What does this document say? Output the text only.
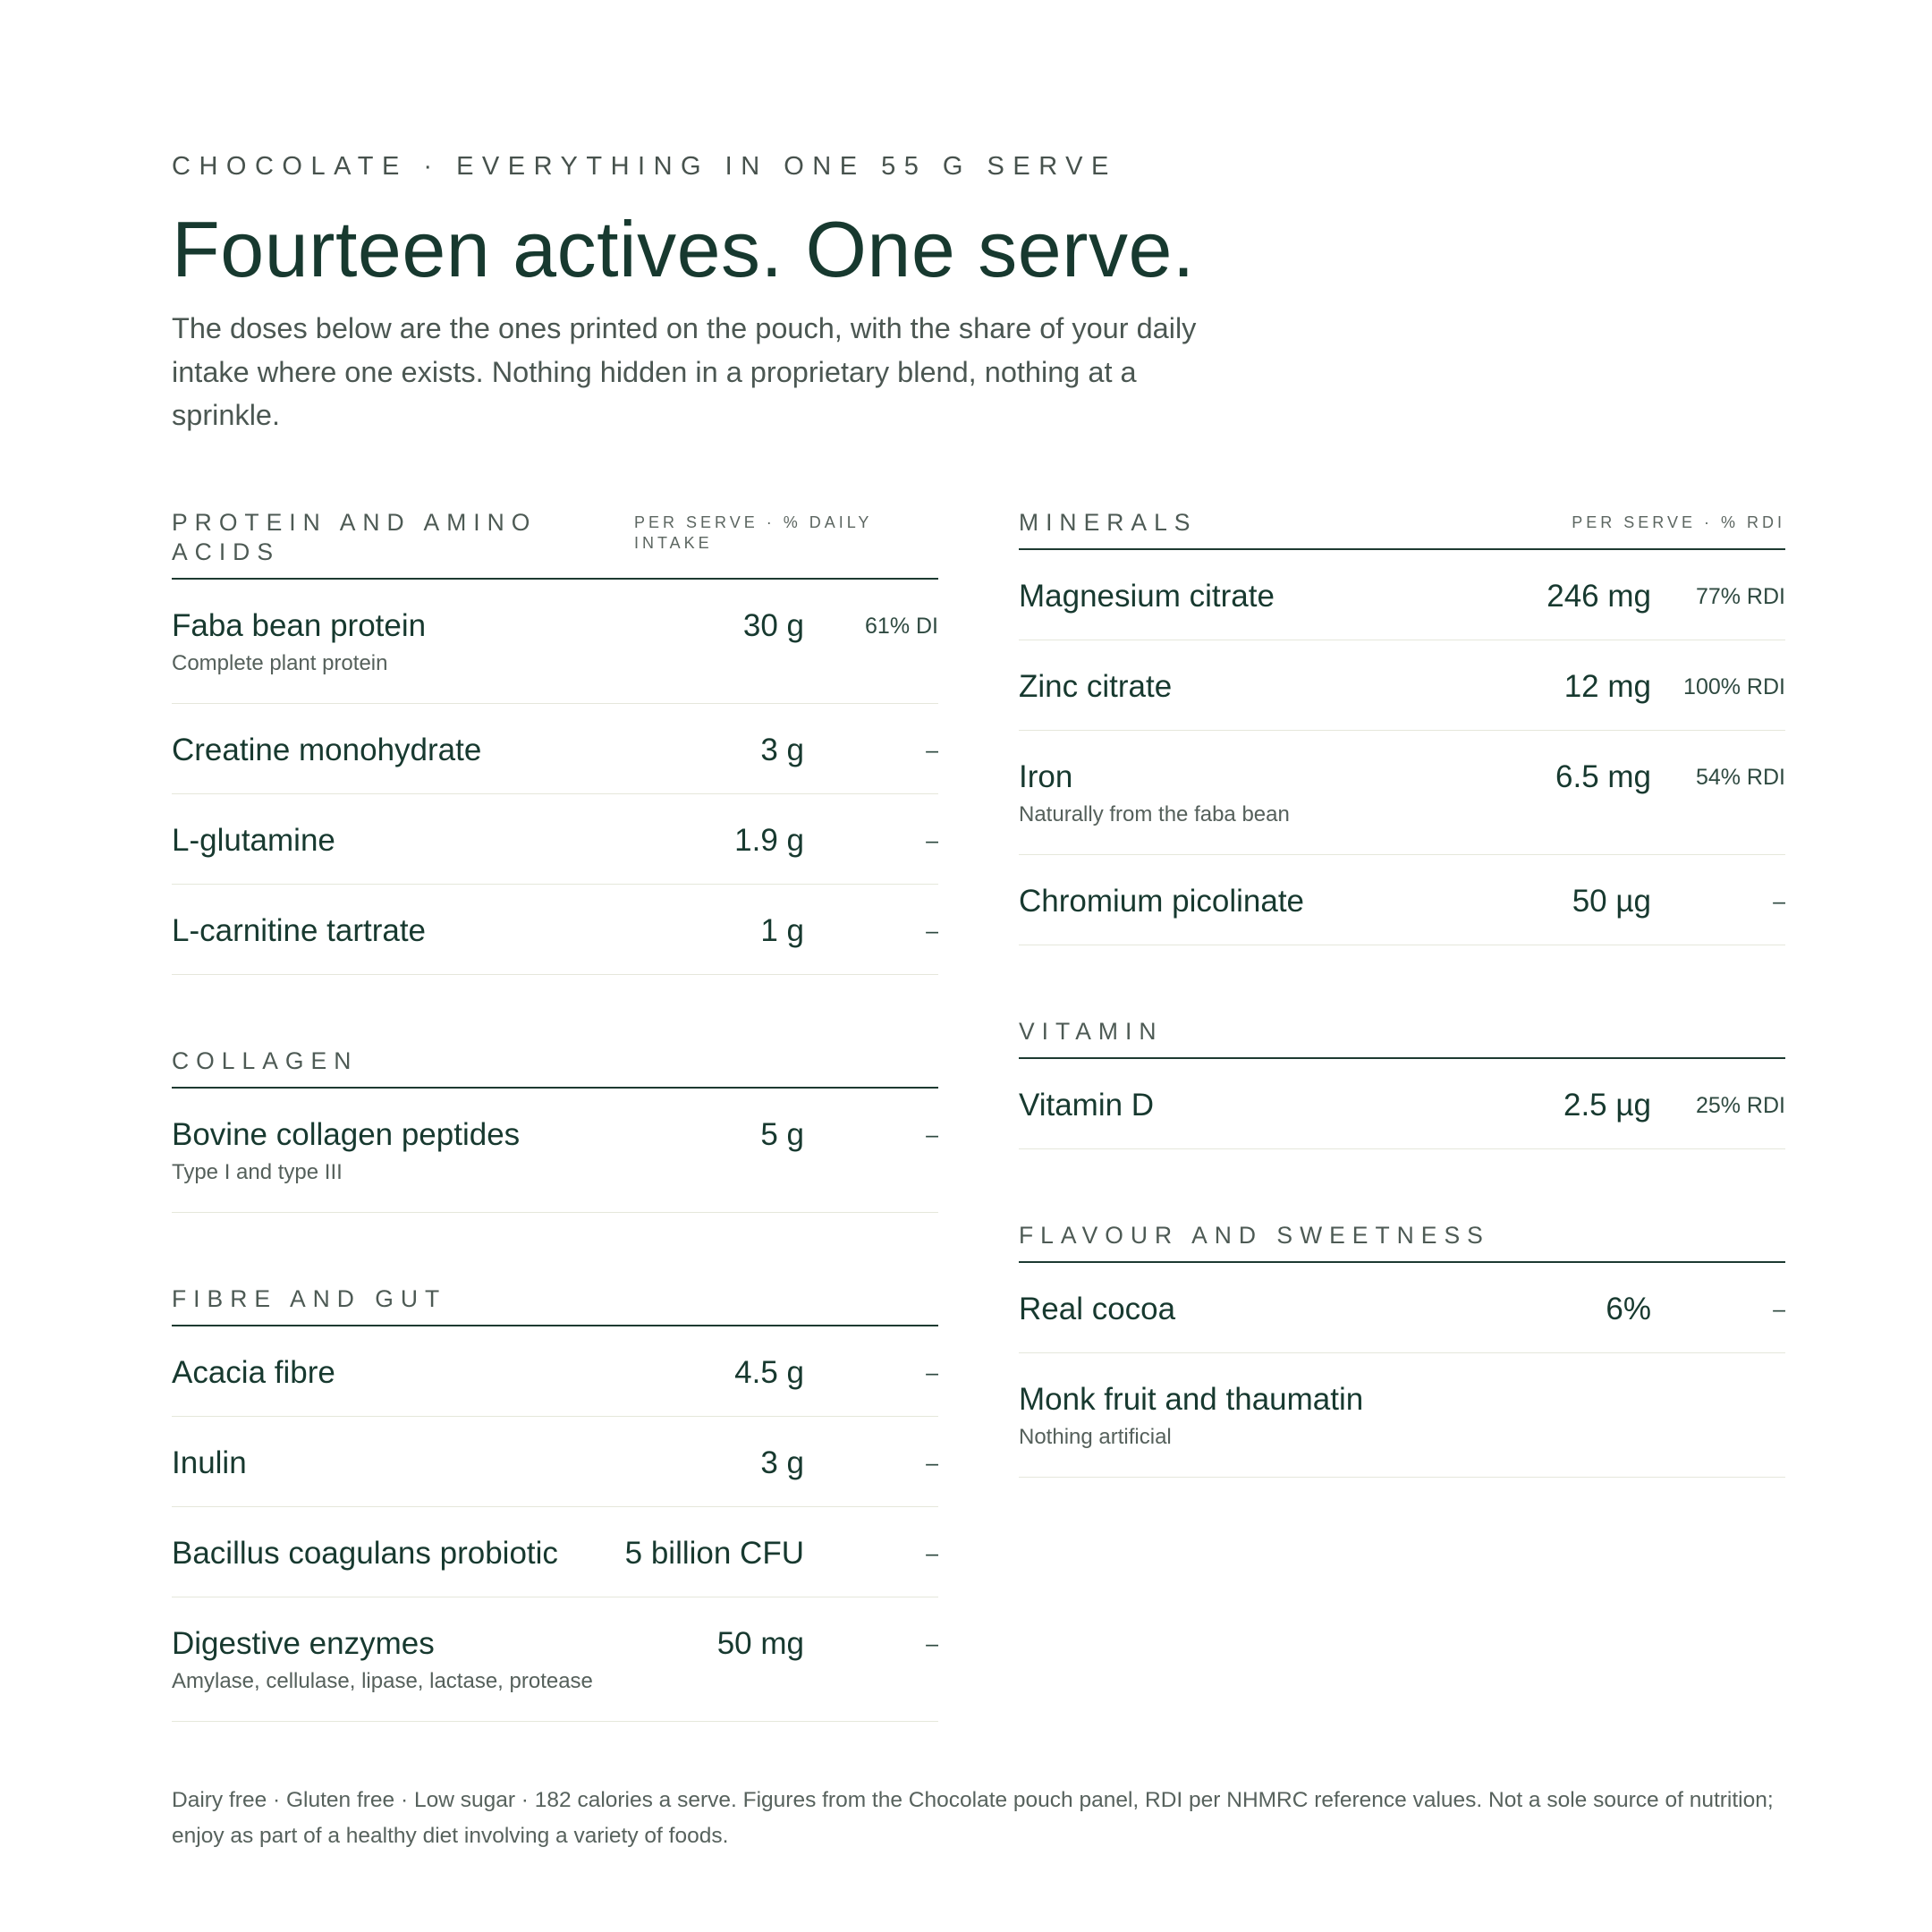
CHOCOLATE · EVERYTHING IN ONE 55 G SERVE
Fourteen actives. One serve.

The doses below are the ones printed on the pouch, with the share of your daily intake where one exists. Nothing hidden in a proprietary blend, nothing at a sprinkle.

PROTEIN AND AMINO ACIDS
PER SERVE · % DAILY INTAKE
Faba bean protein
Complete plant protein
30 g	61% DI
Creatine monohydrate	3 g	–
L-glutamine	1.9 g	–
L-carnitine tartrate	1 g	–
COLLAGEN
Bovine collagen peptides
Type I and type III
5 g	–
FIBRE AND GUT
Acacia fibre	4.5 g	–
Inulin	3 g	–
Bacillus coagulans probiotic	5 billion CFU	–
Digestive enzymes
Amylase, cellulase, lipase, lactase, protease
50 mg	–
MINERALS	PER SERVE · % RDI
Magnesium citrate	246 mg	77% RDI
Zinc citrate	12 mg	100% RDI
Iron
Naturally from the faba bean
6.5 mg	54% RDI
Chromium picolinate	50 µg	–
VITAMIN
Vitamin D	2.5 µg	25% RDI
FLAVOUR AND SWEETNESS
Real cocoa	6%	–
Monk fruit and thaumatin
Nothing artificial

Dairy free · Gluten free · Low sugar · 182 calories a serve. Figures from the Chocolate pouch panel, RDI per NHMRC reference values. Not a sole source of nutrition; enjoy as part of a healthy diet involving a variety of foods.
